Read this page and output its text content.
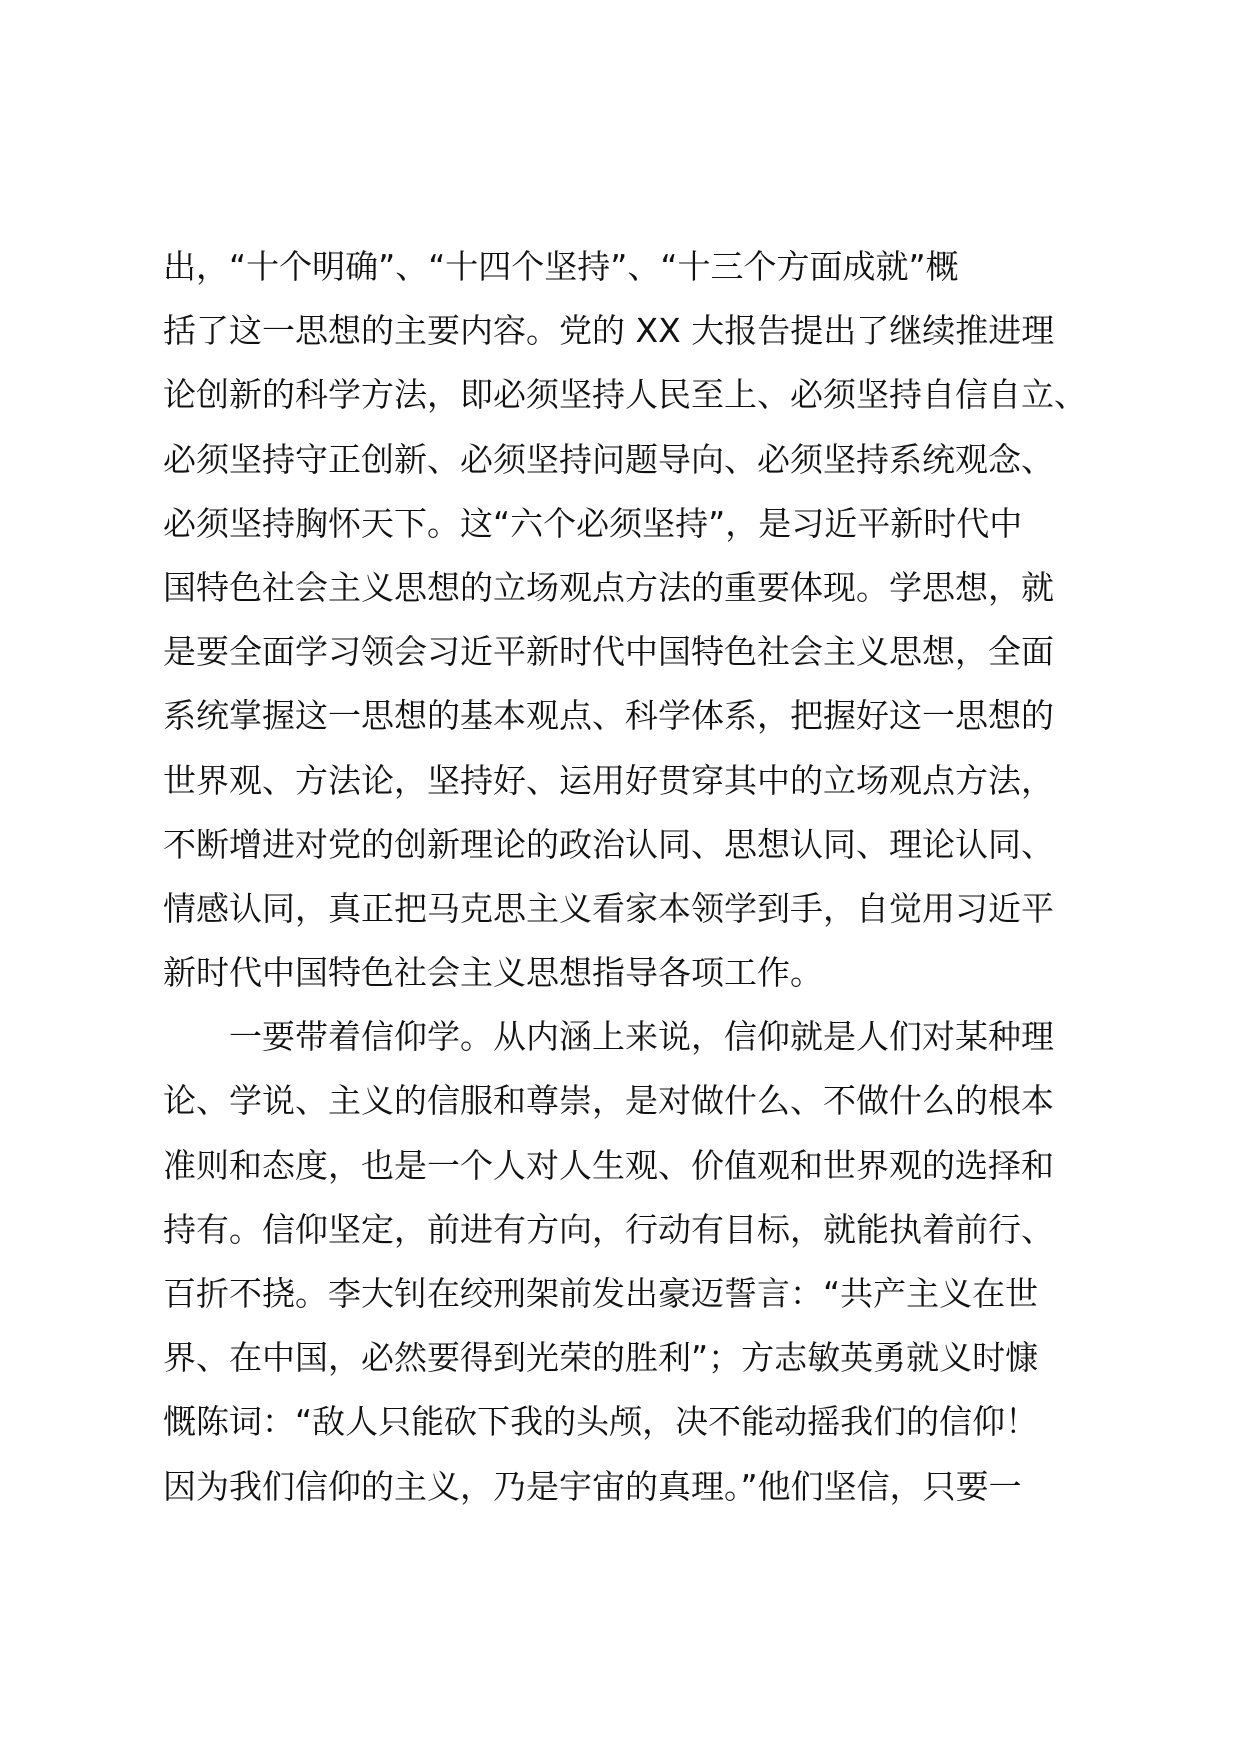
出，“十个明确”、“十四个坚持”、“十三个方面成就”概
括了这一思想的主要内容。党的 XX 大报告提出了继续推进理
论创新的科学方法，即必须坚持人民至上、必须坚持自信自立、
必须坚持守正创新、必须坚持问题导向、必须坚持系统观念、
必须坚持胸怀天下。这“六个必须坚持”，是习近平新时代中
国特色社会主义思想的立场观点方法的重要体现。学思想，就
是要全面学习领会习近平新时代中国特色社会主义思想，全面
系统掌握这一思想的基本观点、科学体系，把握好这一思想的
世界观、方法论，坚持好、运用好贯穿其中的立场观点方法，
不断增进对党的创新理论的政治认同、思想认同、理论认同、
情感认同，真正把马克思主义看家本领学到手，自觉用习近平
新时代中国特色社会主义思想指导各项工作。
一要带着信仰学。从内涵上来说，信仰就是人们对某种理
论、学说、主义的信服和尊崇，是对做什么、不做什么的根本
准则和态度，也是一个人对人生观、价值观和世界观的选择和
持有。信仰坚定，前进有方向，行动有目标，就能执着前行、
百折不挠。李大钊在绞刑架前发出豪迈誓言：“共产主义在世
界、在中国，必然要得到光荣的胜利”；方志敏英勇就义时慷
慨陈词：“敌人只能砍下我的头颅，决不能动摇我们的信仰！
因为我们信仰的主义，乃是宇宙的真理。”他们坚信，只要一
